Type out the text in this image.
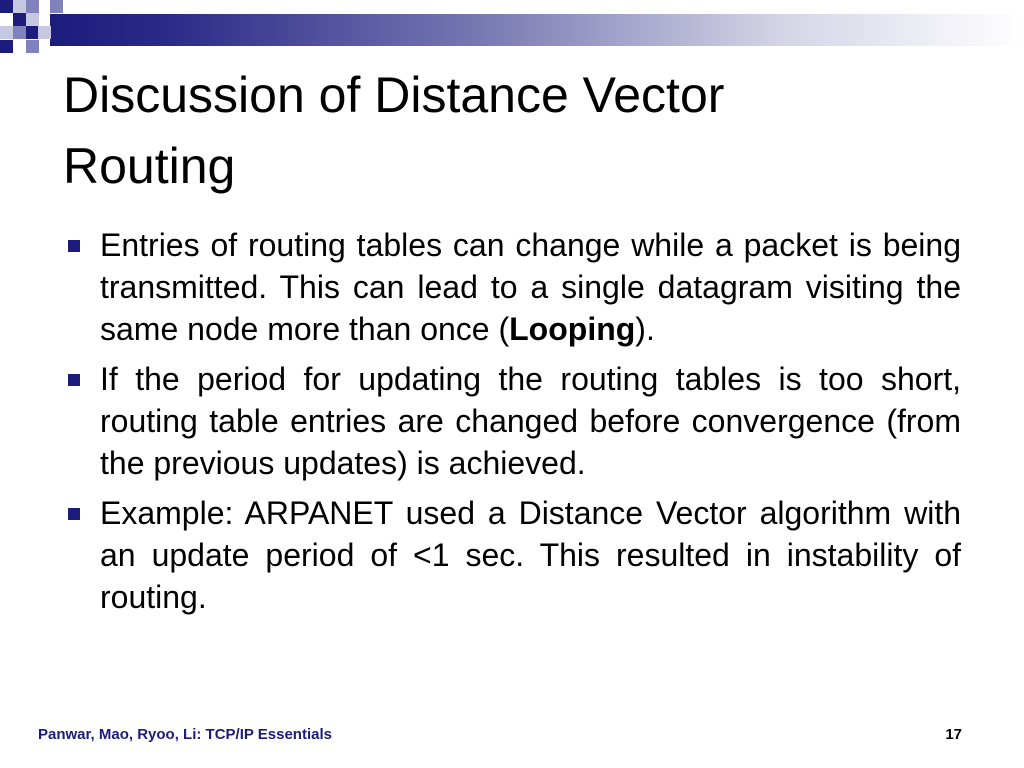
Discussion of Distance Vector
Routing
Entries of routing tables can change while a packet is being transmitted. This can lead to a single datagram visiting the same node more than once (Looping).
If the period for updating the routing tables is too short, routing table entries are changed before convergence (from the previous updates) is achieved.
Example: ARPANET used a Distance Vector algorithm with an update period of <1 sec. This resulted in instability of routing.
Panwar, Mao, Ryoo, Li: TCP/IP Essentials	17
